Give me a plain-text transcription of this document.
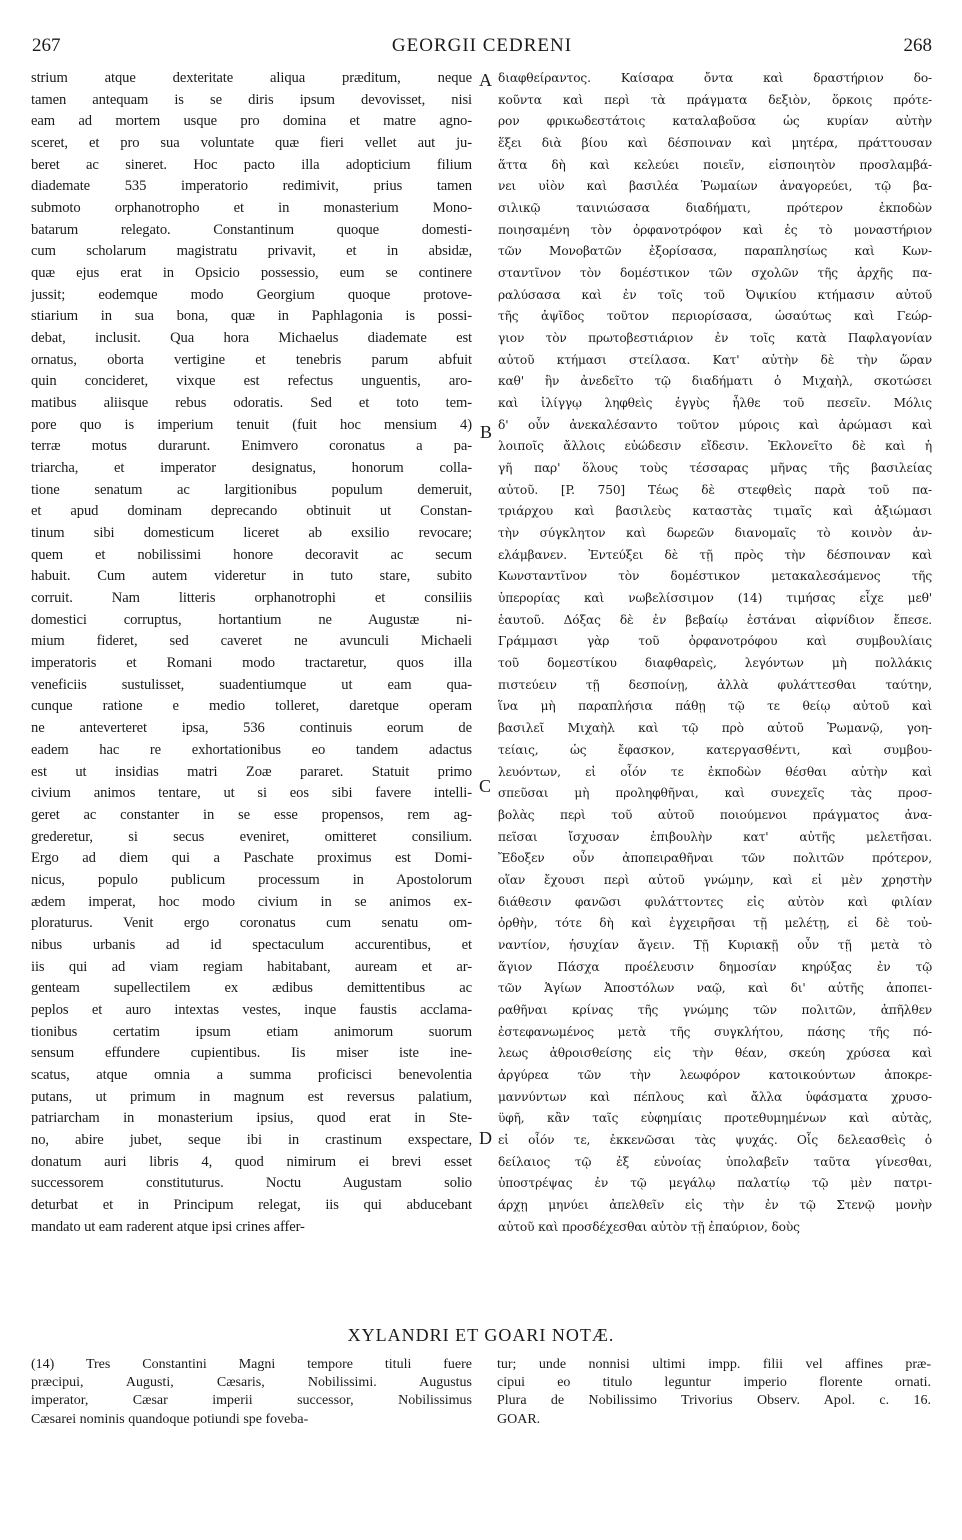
267	GEORGII CEDRENI	268
strium atque dexteritate aliqua præditum, neque
tamen antequam is se diris ipsum devovisset, nisi
eam ad mortem usque pro domina et matre agno-
sceret, et pro sua voluntate quæ fieri vellet aut ju-
beret ac sineret. Hoc pacto illa adopticium filium
diademate 535 imperatorio redimivit, prius tamen
submoto orphanotropho et in monasterium Mono-
batarum relegato. Constantinum quoque domesti-
cum scholarum magistratu privavit, et in absidæ,
quæ ejus erat in Opsicio possessio, eum se continere
jussit; eodemque modo Georgium quoque protove-
stiarium in sua bona, quæ in Paphlagonia is possi-
debat, inclusit. Qua hora Michaelus diademate est
ornatus, oborta vertigine et tenebris parum abfuit
quin concideret, vixque est refectus unguentis, aro-
matibus aliisque rebus odoratis. Sed et toto tem-
pore quo is imperium tenuit (fuit hoc mensium 4)
terræ motus durarunt. Enimvero coronatus a pa-
triarcha, et imperator designatus, honorum colla-
tione senatum ac largitionibus populum demeruit,
et apud dominam deprecando obtinuit ut Constan-
tinum sibi domesticum liceret ab exsilio revocare;
quem et nobilissimi honore decoravit ac secum
habuit. Cum autem videretur in tuto stare, subito
corruit. Nam litteris orphanotrophi et consiliis
domestici corruptus, hortantium ne Augustæ ni-
mium fideret, sed caveret ne avunculi Michaeli
imperatoris et Romani modo tractaretur, quos illa
veneficiis sustulisset, suadentiumque ut eam qua-
cunque ratione e medio tolleret, daretque operam
ne anteverteret ipsa, 536 continuis eorum de
eadem hac re exhortationibus eo tandem adactus
est ut insidias matri Zoæ pararet. Statuit primo
civium animos tentare, ut si eos sibi favere intelli-
geret ac constanter in se esse propensos, rem ag-
grederetur, si secus eveniret, omitteret consilium.
Ergo ad diem qui a Paschate proximus est Domi-
nicus, populo publicum processum in Apostolorum
ædem imperat, hoc modo civium in se animos ex-
ploraturus. Venit ergo coronatus cum senatu om-
nibus urbanis ad id spectaculum accurentibus, et
iis qui ad viam regiam habitabant, auream et ar-
genteam supellectilem ex ædibus demittentibus ac
peplos et auro intextas vestes, inque faustis acclama-
tionibus certatim ipsum etiam animorum suorum
sensum effundere cupientibus. Iis miser iste ine-
scatus, atque omnia a summa proficisci benevolentia
putans, ut primum in magnum est reversus palatium,
patriarcham in monasterium ipsius, quod erat in Ste-
no, abire jubet, seque ibi in crastinum exspectare,
donatum auri libris 4, quod nimirum ei brevi esset
successorem constituturus. Noctu Augustam solio
deturbat et in Principum relegat, iis qui abducebant
mandato ut eam raderent atque ipsi crines affer-
διαφθείραντος. Καίσαρα ὄντα καὶ δραστήριον δο-
κοῦντα καὶ περὶ τὰ πράγματα δεξιὸν, ὅρκοις πρότε-
ρον φρικωδεστάτοις καταλαβοῦσα ὡς κυρίαν αὐτὴν
ἕξει διὰ βίου καὶ δέσποιναν καὶ μητέρα, πράττουσαν
ἅττα δὴ καὶ κελεύει ποιεῖν, εἰσποιητὸν προσλαμβά-
νει υἱὸν καὶ βασιλέα Ῥωμαίων ἀναγορεύει, τῷ βα-
σιλικῷ ταινιώσασα διαδήματι, πρότερον ἐκποδὼν
ποιησαμένη τὸν ὀρφανοτρόφον καὶ ἐς τὸ μοναστήριον
τῶν Μονοβατῶν ἐξορίσασα, παραπλησίως καὶ Κων-
σταντῖνον τὸν δομέστικον τῶν σχολῶν τῆς ἀρχῆς πα-
ραλύσασα καὶ ἐν τοῖς τοῦ Ὀψικίου κτήμασιν αὐτοῦ
τῆς ἀψῖδος τοῦτον περιορίσασα, ὡσαύτως καὶ Γεώρ-
γιον τὸν πρωτοβεστιάριον ἐν τοῖς κατὰ Παφλαγονίαν
αὐτοῦ κτήμασι στείλασα. Κατ' αὐτὴν δὲ τὴν ὥραν
καθ' ἣν ἀνεδεῖτο τῷ διαδήματι ὁ Μιχαὴλ, σκοτώσει
καὶ ἰλίγγῳ ληφθεὶς ἐγγὺς ἦλθε τοῦ πεσεῖν. Μόλις
δ' οὖν ἀνεκαλέσαντο τοῦτον μύροις καὶ ἀρώμασι καὶ
λοιποῖς ἄλλοις εὐώδεσιν εἴδεσιν. Ἐκλονεῖτο δὲ καὶ ἡ
γῆ παρ' ὅλους τοὺς τέσσαρας μῆνας τῆς βασιλείας
αὐτοῦ. [P. 750] Τέως δὲ στεφθεὶς παρὰ τοῦ πα-
τριάρχου καὶ βασιλεὺς καταστὰς τιμαῖς καὶ ἀξιώμασι
τὴν σύγκλητον καὶ δωρεῶν διανομαῖς τὸ κοινὸν ἀν-
ελάμβανεν. Ἐντεύξει δὲ τῇ πρὸς τὴν δέσποιναν καὶ
Κωνσταντῖνον τὸν δομέστικον μετακαλεσάμενος τῆς
ὑπερορίας καὶ νωβελίσσιμον (14) τιμήσας εἶχε μεθ'
ἑαυτοῦ. Δόξας δὲ ἐν βεβαίῳ ἑστάναι αἰφνίδιον ἔπεσε.
Γράμμασι γὰρ τοῦ ὀρφανοτρόφου καὶ συμβουλίαις
τοῦ δομεστίκου διαφθαρεὶς, λεγόντων μὴ πολλάκις
πιστεύειν τῇ δεσποίνῃ, ἀλλὰ φυλάττεσθαι ταύτην,
ἵνα μὴ παραπλήσια πάθῃ τῷ τε θείῳ αὐτοῦ καὶ
βασιλεῖ Μιχαὴλ καὶ τῷ πρὸ αὐτοῦ Ῥωμανῷ, γοη-
τείαις, ὡς ἔφασκον, κατεργασθέντι, καὶ συμβου-
λευόντων, εἰ οἷόν τε ἐκποδὼν θέσθαι αὐτὴν καὶ
σπεῦσαι μὴ προληφθῆναι, καὶ συνεχεῖς τὰς προσ-
βολὰς περὶ τοῦ αὐτοῦ ποιούμενοι πράγματος ἀνα-
πεῖσαι ἴσχυσαν ἐπιβουλὴν κατ' αὐτῆς μελετῆσαι.
Ἔδοξεν οὖν ἀποπειραθῆναι τῶν πολιτῶν πρότερον,
οἵαν ἔχουσι περὶ αὐτοῦ γνώμην, καὶ εἰ μὲν χρηστὴν
διάθεσιν φανῶσι φυλάττοντες εἰς αὐτὸν καὶ φιλίαν
ὀρθὴν, τότε δὴ καὶ ἐγχειρῆσαι τῇ μελέτῃ, εἰ δὲ τοὐ-
ναντίον, ἡσυχίαν ἄγειν. Τῇ Κυριακῇ οὖν τῇ μετὰ τὸ
ἅγιον Πάσχα προέλευσιν δημοσίαν κηρύξας ἐν τῷ
τῶν Ἁγίων Ἀποστόλων ναῷ, καὶ δι' αὐτῆς ἀποπει-
ραθῆναι κρίνας τῆς γνώμης τῶν πολιτῶν, ἀπῆλθεν
ἐστεφανωμένος μετὰ τῆς συγκλήτου, πάσης τῆς πό-
λεως ἀθροισθείσης εἰς τὴν θέαν, σκεύη χρύσεα καὶ
ἀργύρεα τῶν τὴν λεωφόρον κατοικούντων ἀποκρε-
μαννύντων καὶ πέπλους καὶ ἄλλα ὑφάσματα χρυσο-
ϋφῆ, κἂν ταῖς εὐφημίαις προτεθυμημένων καὶ αὐτὰς,
εἰ οἷόν τε, ἐκκενῶσαι τὰς ψυχάς. Οἷς δελεασθεὶς ὁ
δείλαιος τῷ ἐξ εὐνοίας ὑπολαβεῖν ταῦτα γίνεσθαι,
ὑποστρέψας ἐν τῷ μεγάλῳ παλατίῳ τῷ μὲν πατρι-
άρχῃ μηνύει ἀπελθεῖν εἰς τὴν ἐν τῷ Στενῷ μονὴν
αὐτοῦ καὶ προσδέχεσθαι αὐτὸν τῇ ἐπαύριον, δοὺς
A
B
C
D
XYLANDRI ET GOARI NOTÆ.
(14) Tres Constantini Magni tempore tituli fuere
præcipui, Augusti, Cæsaris, Nobilissimi. Augustus
imperator, Cæsar imperii successor, Nobilissimus
Cæsarei nominis quandoque potiundi spe foveba-
tur; unde nonnisi ultimi impp. filii vel affines præ-
cipui eo titulo leguntur imperio florente ornati.
Plura de Nobilissimo Trivorius Observ. Apol. c. 16.
GOAR.
